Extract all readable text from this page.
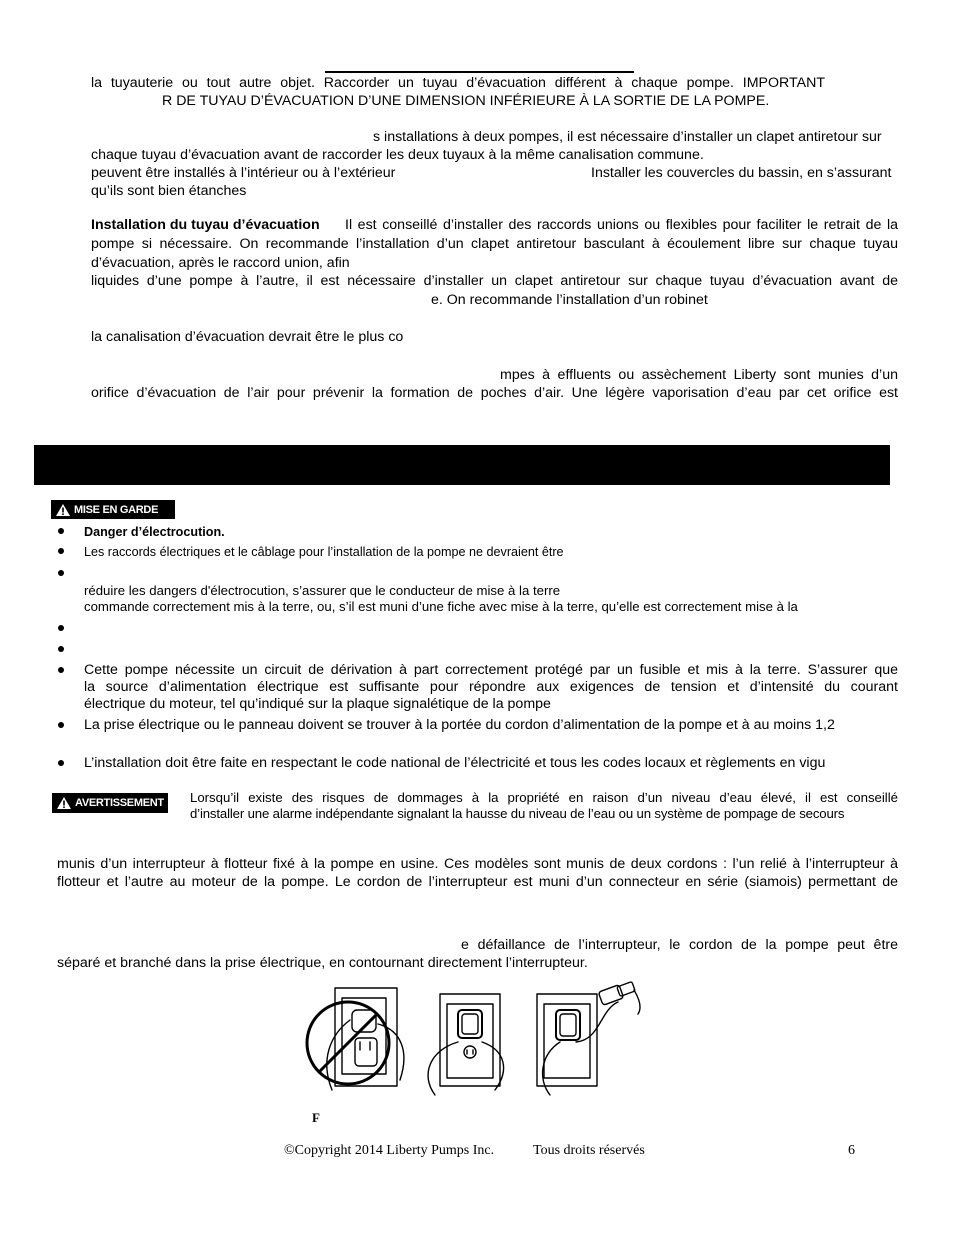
la tuyauterie ou tout autre objet. Raccorder un tuyau d’évacuation différent à chaque pompe. IMPORTANT
R DE TUYAU D’ÉVACUATION D’UNE DIMENSION INFÉRIEURE À LA SORTIE DE LA POMPE.
s installations à deux pompes, il est nécessaire d’installer un clapet antiretour sur
chaque tuyau d’évacuation avant de raccorder les deux tuyaux à la même canalisation commune.
peuvent être installés à l’intérieur ou à l’extérieur	Installer les couvercles du bassin, en s’assurant
qu’ils sont bien étanches
Installation du tuyau d’évacuation Il est conseillé d’installer des raccords unions ou flexibles pour faciliter le retrait de la
pompe si nécessaire. On recommande l’installation d’un clapet antiretour basculant à écoulement libre sur chaque tuyau
d’évacuation, après le raccord union, afin
liquides d’une pompe à l’autre, il est nécessaire d’installer un clapet antiretour sur chaque tuyau d’évacuation avant de
e. On recommande l’installation d’un robinet
la canalisation d’évacuation devrait être le plus co
mpes à effluents ou assèchement Liberty sont munies d’un
orifice d’évacuation de l’air pour prévenir la formation de poches d’air. Une légère vaporisation d’eau par cet orifice est
MISE EN GARDE
Danger d’électrocution.
Les raccords électriques et le câblage pour l’installation de la pompe ne devraient être
réduire les dangers d'électrocution, s’assurer que le conducteur de mise à la terre
commande correctement mis à la terre, ou, s’il est muni d’une fiche avec mise à la terre, qu’elle est correctement mise à la
Cette pompe nécessite un circuit de dérivation à part correctement protégé par un fusible et mis à la terre. S’assurer que
la source d’alimentation électrique est suffisante pour répondre aux exigences de tension et d’intensité du courant
électrique du moteur, tel qu’indiqué sur la plaque signalétique de la pompe
La prise électrique ou le panneau doivent se trouver à la portée du cordon d’alimentation de la pompe et à au moins 1,2
L’installation doit être faite en respectant le code national de l’électricité et tous les codes locaux et règlements en vigu
AVERTISSEMENT Lorsqu’il existe des risques de dommages à la propriété en raison d’un niveau d’eau élevé, il est conseillé
d’installer une alarme indépendante signalant la hausse du niveau de l’eau ou un système de pompage de secours
munis d’un interrupteur à flotteur fixé à la pompe en usine. Ces modèles sont munis de deux cordons : l’un relié à l’interrupteur à
flotteur et l’autre au moteur de la pompe. Le cordon de l’interrupteur est muni d’un connecteur en série (siamois) permettant de
e défaillance de l’interrupteur, le cordon de la pompe peut être
séparé et branché dans la prise électrique, en contournant directement l’interrupteur.
F
©Copyright 2014 Liberty Pumps Inc.	Tous droits réservés	6
